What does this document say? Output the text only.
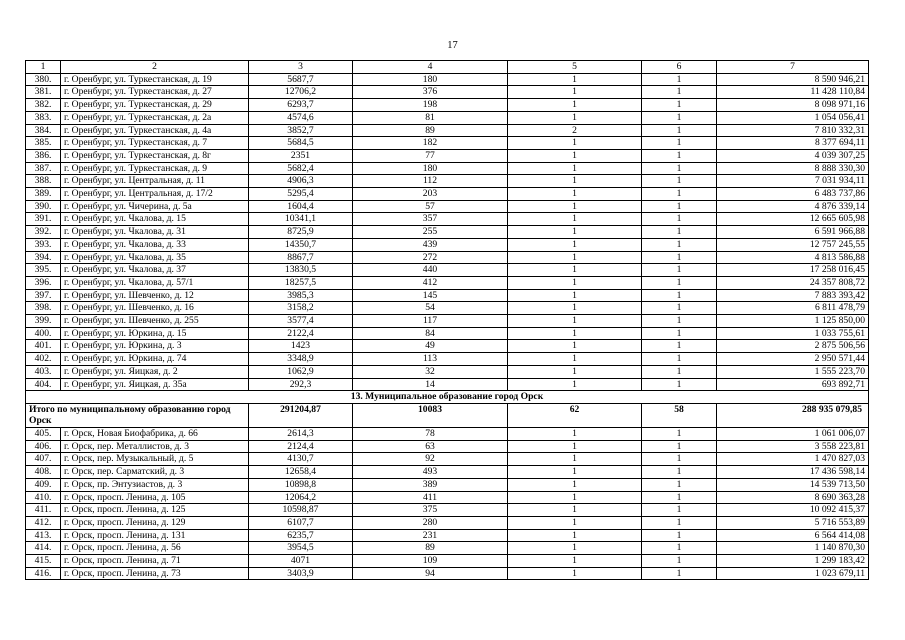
17
1	2	3	4	5	6	7
380.	г. Оренбург, ул. Туркестанская, д. 19	5687,7	180	1	1	8 590 946,21
381.	г. Оренбург, ул. Туркестанская, д. 27	12706,2	376	1	1	11 428 110,84
382.	г. Оренбург, ул. Туркестанская, д. 29	6293,7	198	1	1	8 098 971,16
383.	г. Оренбург, ул. Туркестанская, д. 2а	4574,6	81	1	1	1 054 056,41
384.	г. Оренбург, ул. Туркестанская, д. 4а	3852,7	89	2	1	7 810 332,31
385.	г. Оренбург, ул. Туркестанская, д. 7	5684,5	182	1	1	8 377 694,11
386.	г. Оренбург, ул. Туркестанская, д. 8г	2351	77	1	1	4 039 307,25
387.	г. Оренбург, ул. Туркестанская, д. 9	5682,4	180	1	1	8 888 330,30
388.	г. Оренбург, ул. Центральная, д. 11	4906,3	112	1	1	7 031 934,11
389.	г. Оренбург, ул. Центральная, д. 17/2	5295,4	203	1	1	6 483 737,86
390.	г. Оренбург, ул. Чичерина, д. 5а	1604,4	57	1	1	4 876 339,14
391.	г. Оренбург, ул. Чкалова, д. 15	10341,1	357	1	1	12 665 605,98
392.	г. Оренбург, ул. Чкалова, д. 31	8725,9	255	1	1	6 591 966,88
393.	г. Оренбург, ул. Чкалова, д. 33	14350,7	439	1	1	12 757 245,55
394.	г. Оренбург, ул. Чкалова, д. 35	8867,7	272	1	1	4 813 586,88
395.	г. Оренбург, ул. Чкалова, д. 37	13830,5	440	1	1	17 258 016,45
396.	г. Оренбург, ул. Чкалова, д. 57/1	18257,5	412	1	1	24 357 808,72
397.	г. Оренбург, ул. Шевченко, д. 12	3985,3	145	1	1	7 883 393,42
398.	г. Оренбург, ул. Шевченко, д. 16	3158,2	54	1	1	6 811 478,79
399.	г. Оренбург, ул. Шевченко, д. 255	3577,4	117	1	1	1 125 850,00
400.	г. Оренбург, ул. Юркина, д. 15	2122,4	84	1	1	1 033 755,61
401.	г. Оренбург, ул. Юркина, д. 3	1423	49	1	1	2 875 506,56
402.	г. Оренбург, ул. Юркина, д. 74	3348,9	113	1	1	2 950 571,44
403.	г. Оренбург, ул. Яицкая, д. 2	1062,9	32	1	1	1 555 223,70
404.	г. Оренбург, ул. Яицкая, д. 35а	292,3	14	1	1	693 892,71
13. Муниципальное образование город Орск						
Итого по муниципальному образованию город Орск		291204,87	10083	62	58	288 935 079,85
405.	г. Орск, Новая Биофабрика, д. 66	2614,3	78	1	1	1 061 006,07
406.	г. Орск, пер. Металлистов, д. 3	2124,4	63	1	1	3 558 223,81
407.	г. Орск, пер. Музыкальный, д. 5	4130,7	92	1	1	1 470 827,03
408.	г. Орск, пер. Сарматский, д. 3	12658,4	493	1	1	17 436 598,14
409.	г. Орск, пр. Энтузиастов, д. 3	10898,8	389	1	1	14 539 713,50
410.	г. Орск, просп. Ленина, д. 105	12064,2	411	1	1	8 690 363,28
411.	г. Орск, просп. Ленина, д. 125	10598,87	375	1	1	10 092 415,37
412.	г. Орск, просп. Ленина, д. 129	6107,7	280	1	1	5 716 553,89
413.	г. Орск, просп. Ленина, д. 131	6235,7	231	1	1	6 564 414,08
414.	г. Орск, просп. Ленина, д. 56	3954,5	89	1	1	1 140 870,30
415.	г. Орск, просп. Ленина, д. 71	4071	109	1	1	1 299 183,42
416.	г. Орск, просп. Ленина, д. 73	3403,9	94	1	1	1 023 679,11
